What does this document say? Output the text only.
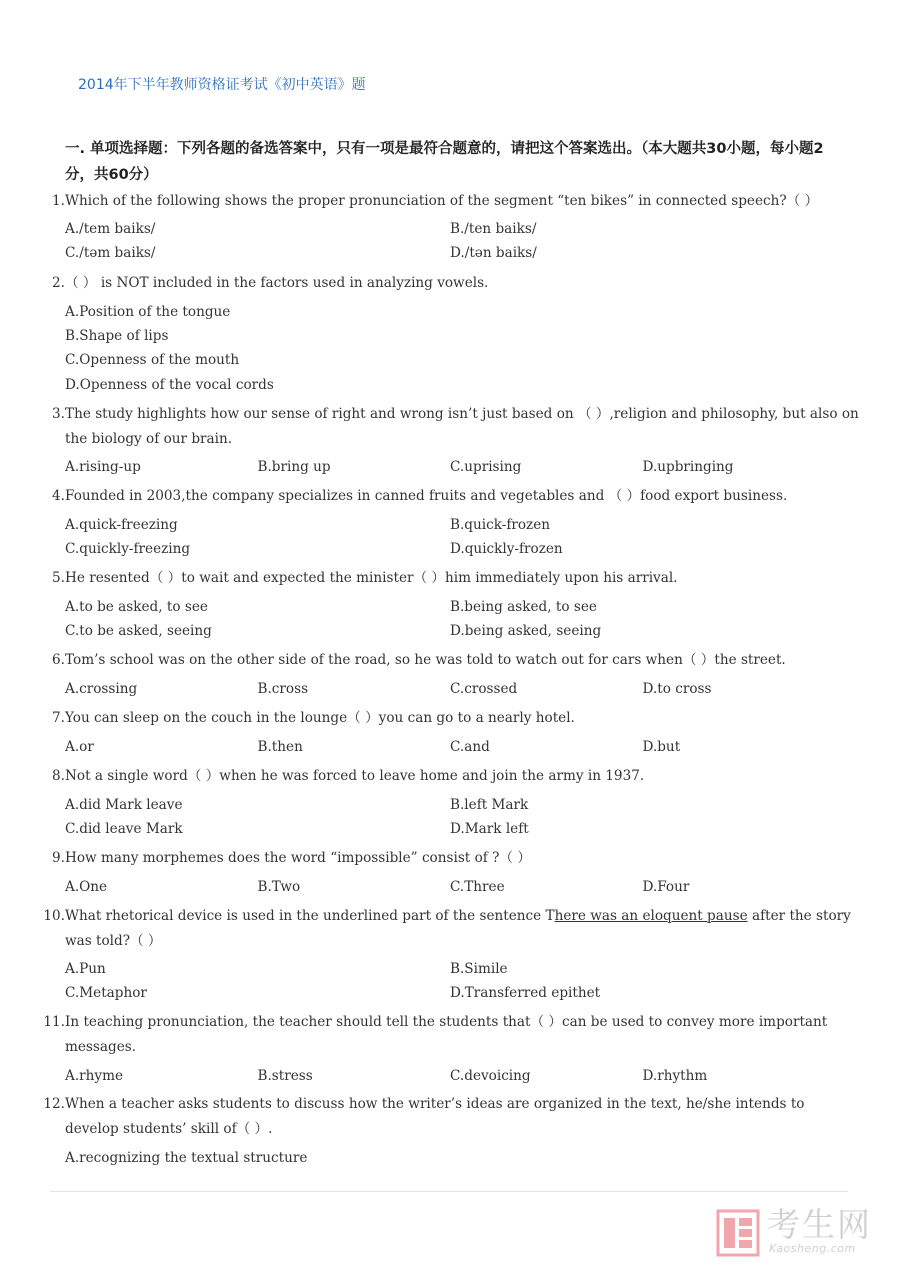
2014年下半年教师资格证考试《初中英语》题
一. 单项选择题：下列各题的备选答案中，只有一项是最符合题意的，请把这个答案选出。（本大题共30小题，每小题2分，共60分）
1.Which of the following shows the proper pronunciation of the segment “ten bikes” in connected speech?（ ）
A./tem baiks/	B./ten baiks/
C./təm baiks/	D./tən baiks/
2.（ ） is NOT included in the factors used in analyzing vowels.
A.Position of the tongue
B.Shape of lips
C.Openness of the mouth
D.Openness of the vocal cords
3.The study highlights how our sense of right and wrong isn’t just based on （ ）,religion and philosophy, but also on the biology of our brain.
A.rising-up	B.bring up	C.uprising	D.upbringing
4.Founded in 2003,the company specializes in canned fruits and vegetables and （ ）food export business.
A.quick-freezing	B.quick-frozen
C.quickly-freezing	D.quickly-frozen
5.He resented（ ）to wait and expected the minister（ ）him immediately upon his arrival.
A.to be asked, to see	B.being asked, to see
C.to be asked, seeing	D.being asked, seeing
6.Tom’s school was on the other side of the road, so he was told to watch out for cars when（ ）the street.
A.crossing	B.cross	C.crossed	D.to cross
7.You can sleep on the couch in the lounge（ ）you can go to a nearly hotel.
A.or	B.then	C.and	D.but
8.Not a single word（ ）when he was forced to leave home and join the army in 1937.
A.did Mark leave	B.left Mark
C.did leave Mark	D.Mark left
9.How many morphemes does the word “impossible” consist of ?（ ）
A.One	B.Two	C.Three	D.Four
10.What rhetorical device is used in the underlined part of the sentence There was an eloquent pause after the story was told?（ ）
A.Pun	B.Simile
C.Metaphor	D.Transferred epithet
11.In teaching pronunciation, the teacher should tell the students that（ ）can be used to convey more important messages.
A.rhyme	B.stress	C.devoicing	D.rhythm
12.When a teacher asks students to discuss how the writer’s ideas are organized in the text, he/she intends to develop students’ skill of（ ）.
A.recognizing the textual structure
考生网
Kaosheng.com
